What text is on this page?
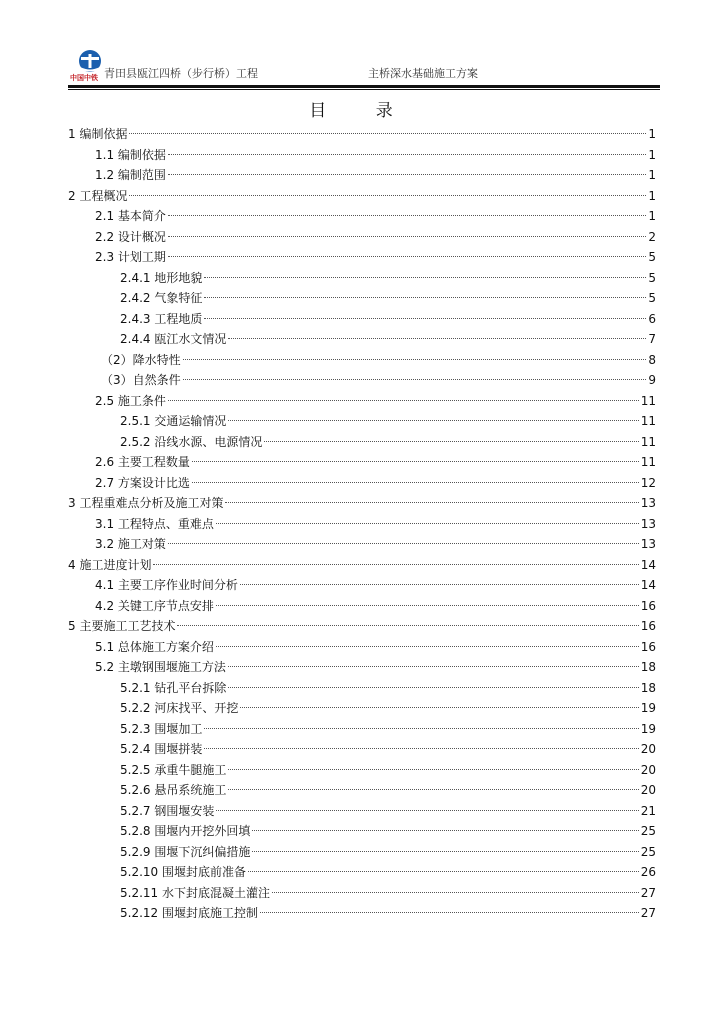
中国中铁 青田县瓯江四桥（步行桥）工程	主桥深水基础施工方案
目 录
1 编制依据	1
1.1 编制依据	1
1.2 编制范围	1
2 工程概况	1
2.1 基本简介	1
2.2 设计概况	2
2.3 计划工期	5
2.4.1 地形地貌	5
2.4.2 气象特征	5
2.4.3 工程地质	6
2.4.4 瓯江水文情况	7
（2）降水特性	8
（3）自然条件	9
2.5 施工条件	11
2.5.1 交通运输情况	11
2.5.2 沿线水源、电源情况	11
2.6 主要工程数量	11
2.7 方案设计比选	12
3 工程重难点分析及施工对策	13
3.1 工程特点、重难点	13
3.2 施工对策	13
4 施工进度计划	14
4.1 主要工序作业时间分析	14
4.2 关键工序节点安排	16
5 主要施工工艺技术	16
5.1 总体施工方案介绍	16
5.2 主墩钢围堰施工方法	18
5.2.1 钻孔平台拆除	18
5.2.2 河床找平、开挖	19
5.2.3 围堰加工	19
5.2.4 围堰拼装	20
5.2.5 承重牛腿施工	20
5.2.6 悬吊系统施工	20
5.2.7 钢围堰安装	21
5.2.8 围堰内开挖外回填	25
5.2.9 围堰下沉纠偏措施	25
5.2.10 围堰封底前准备	26
5.2.11 水下封底混凝土灌注	27
5.2.12 围堰封底施工控制	27
